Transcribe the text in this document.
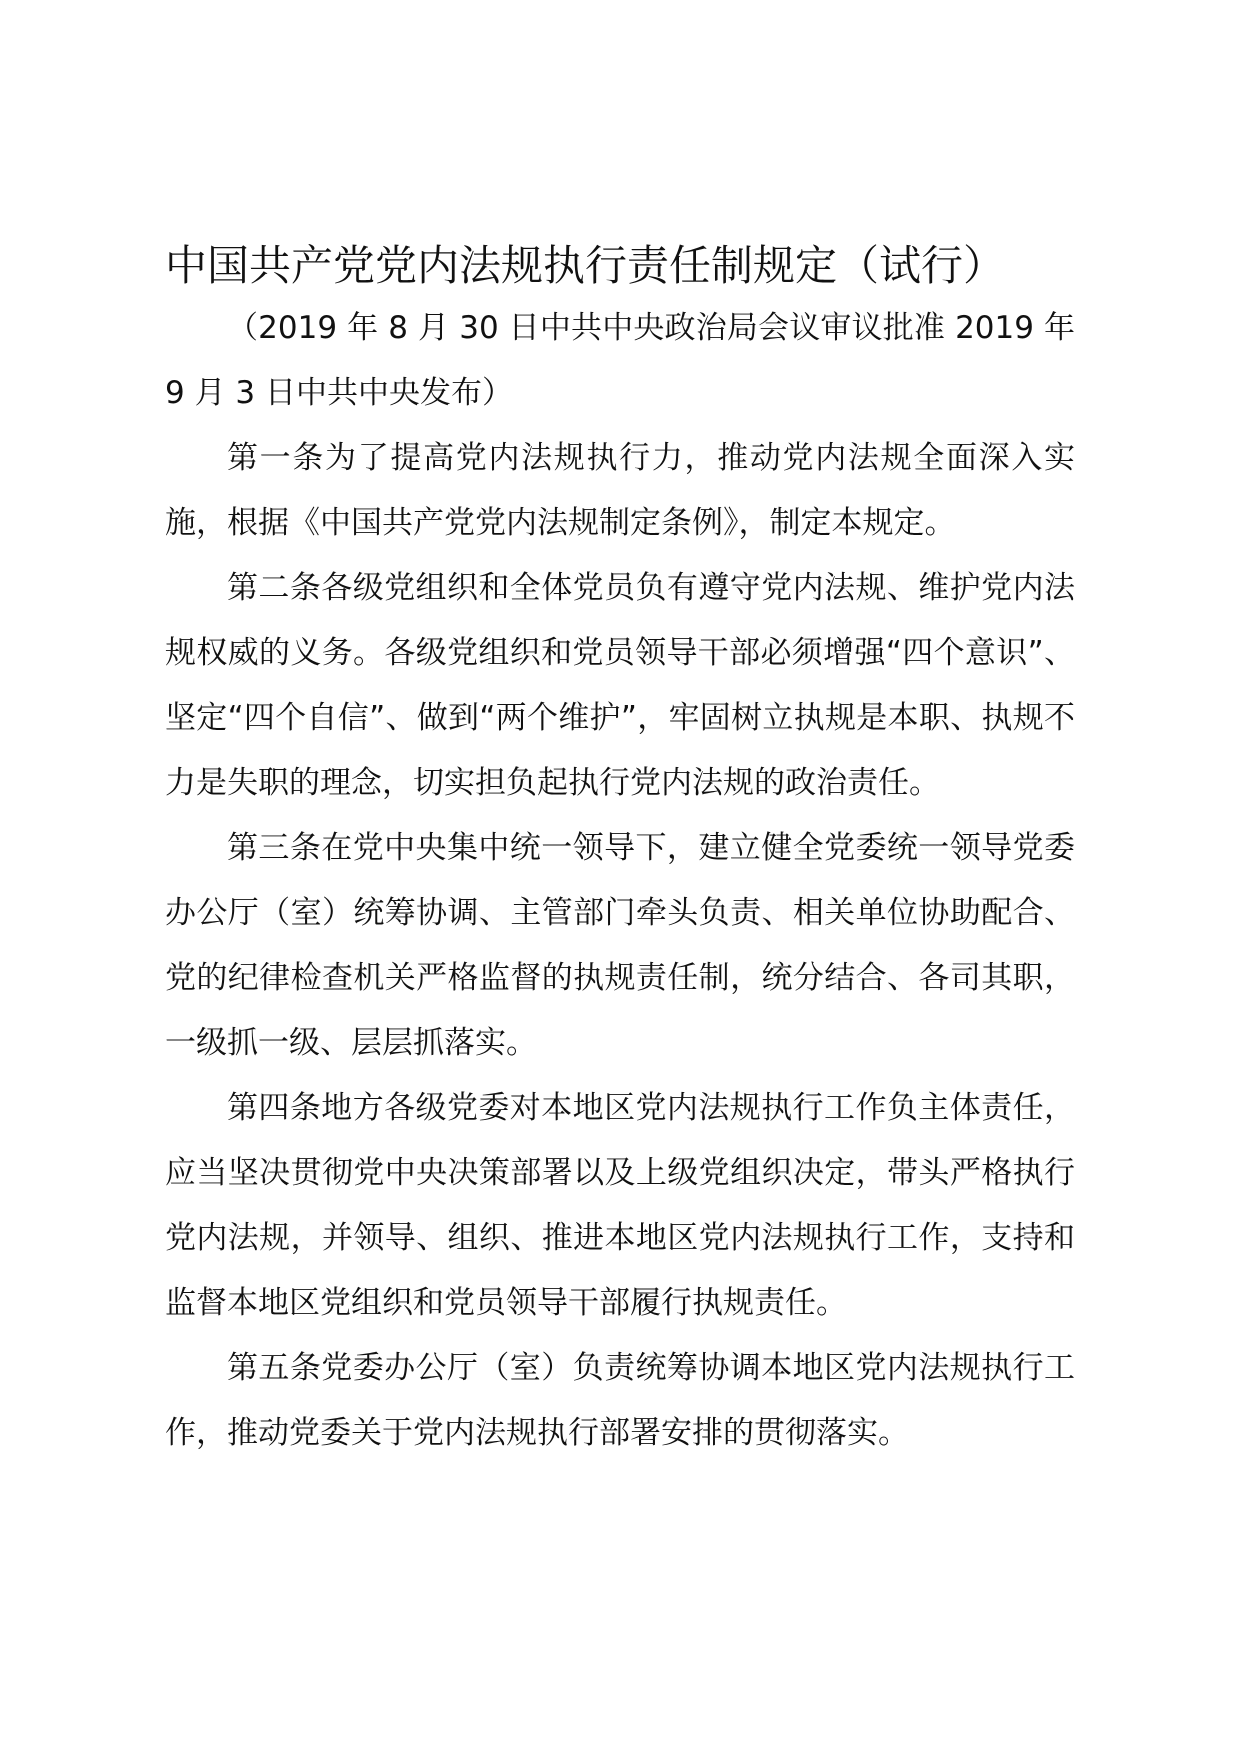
中国共产党党内法规执行责任制规定（试行）

（2019 年 8 月 30 日中共中央政治局会议审议批准 2019 年 9 月 3 日中共中央发布）

第一条为了提高党内法规执行力，推动党内法规全面深入实施，根据《中国共产党党内法规制定条例》，制定本规定。

第二条各级党组织和全体党员负有遵守党内法规、维护党内法规权威的义务。各级党组织和党员领导干部必须增强“四个意识”、坚定“四个自信”、做到“两个维护”，牢固树立执规是本职、执规不力是失职的理念，切实担负起执行党内法规的政治责任。

第三条在党中央集中统一领导下，建立健全党委统一领导党委办公厅（室）统筹协调、主管部门牵头负责、相关单位协助配合、党的纪律检查机关严格监督的执规责任制，统分结合、各司其职，一级抓一级、层层抓落实。

第四条地方各级党委对本地区党内法规执行工作负主体责任，应当坚决贯彻党中央决策部署以及上级党组织决定，带头严格执行党内法规，并领导、组织、推进本地区党内法规执行工作，支持和监督本地区党组织和党员领导干部履行执规责任。

第五条党委办公厅（室）负责统筹协调本地区党内法规执行工作，推动党委关于党内法规执行部署安排的贯彻落实。
